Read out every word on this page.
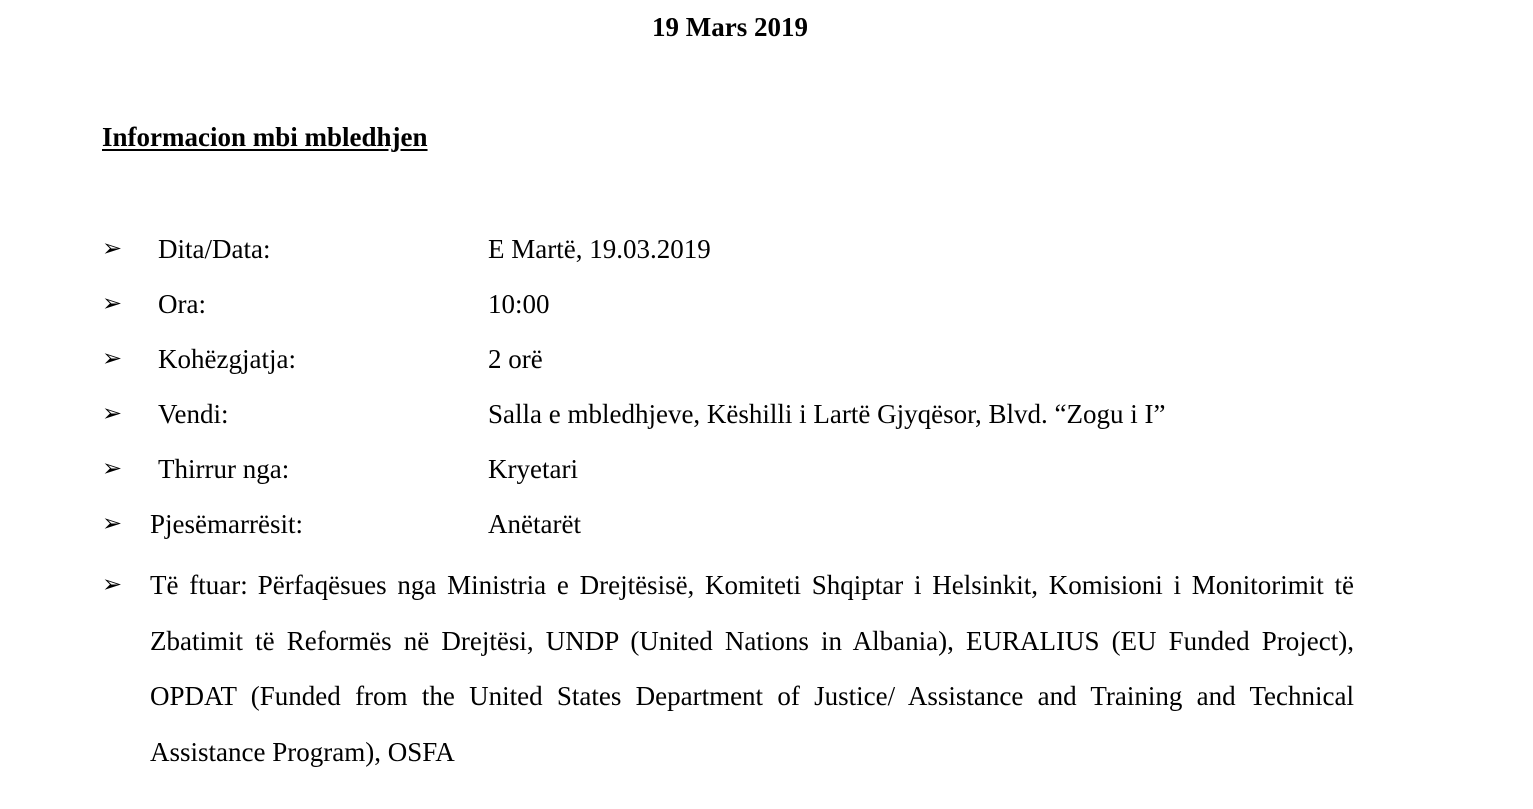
19 Mars 2019
Informacion mbi mbledhjen
➢ Dita/Data:	E Martë, 19.03.2019
➢ Ora:	10:00
➢ Kohëzgjatja:	2 orë
➢ Vendi:	Salla e mbledhjeve, Këshilli i Lartë Gjyqësor, Blvd. “Zogu i I”
➢ Thirrur nga:	Kryetari
➢ Pjesëmarrësit:	Anëtarët
➢ Të ftuar: Përfaqësues nga Ministria e Drejtësisë, Komiteti Shqiptar i Helsinkit, Komisioni i Monitorimit të Zbatimit të Reformës në Drejtësi, UNDP (United Nations in Albania), EURALIUS (EU Funded Project), OPDAT (Funded from the United States Department of Justice/ Assistance and Training and Technical Assistance Program), OSFA
